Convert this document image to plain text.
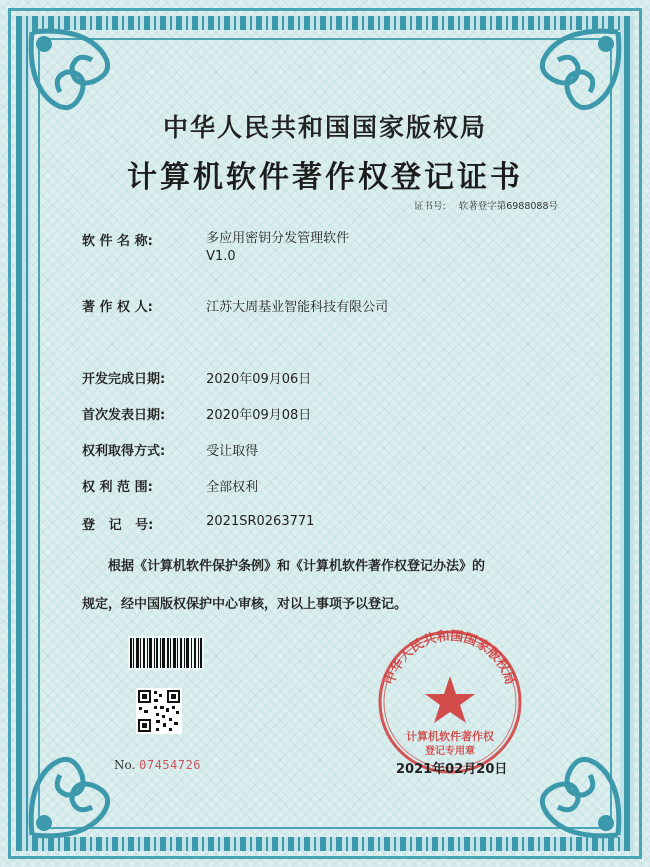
中华人民共和国国家版权局
计算机软件著作权登记证书
证书号: 软著登字第6988088号
软 件 名 称:	多应用密钥分发管理软件
V1.0
著 作 权 人:	江苏大周基业智能科技有限公司
开发完成日期:	2020年09月06日
首次发表日期:	2020年09月08日
权利取得方式:	受让取得
权 利 范 围:	全部权利
登   记   号:	2021SR0263771
根据《计算机软件保护条例》和《计算机软件著作权登记办法》的
规定，经中国版权保护中心审核，对以上事项予以登记。
No. 07454726
中华人民共和国国家版权局
计算机软件著作权
登记专用章
2021年02月20日
